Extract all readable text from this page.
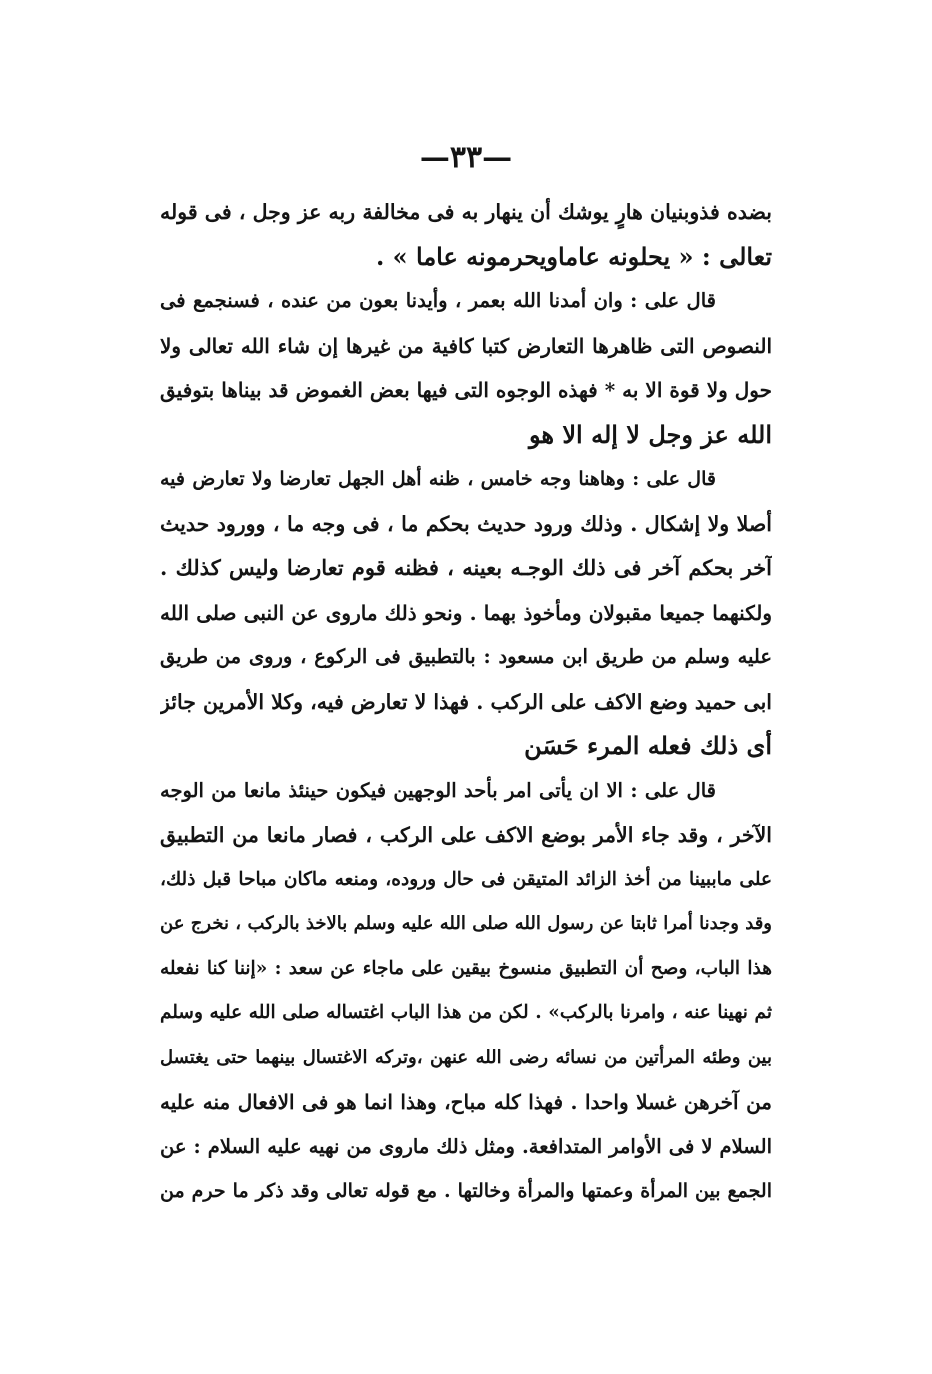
—٣٣—
بضده فذوبنيان هارٍ يوشك أن ينهار به فى مخالفة ربه عز وجل ، فى قوله
تعالى : « يحلونه عاماويحرمونه عاما » .
قال على : وان أمدنا الله بعمر ، وأيدنا بعون من عنده ، فسنجمع فى
النصوص التى ظاهرها التعارض كتبا كافية من غيرها إن شاء الله تعالى ولا
حول ولا قوة الا به * فهذه الوجوه التى فيها بعض الغموض قد بيناها بتوفيق
الله عز وجل لا إله الا هو
قال على : وهاهنا وجه خامس ، ظنه أهل الجهل تعارضا ولا تعارض فيه
أصلا ولا إشكال . وذلك ورود حديث بحكم ما ، فى وجه ما ، وورود حديث
آخر بحكم آخر فى ذلك الوجـه بعينه ، فظنه قوم تعارضا وليس كذلك .
ولكنهما جميعا مقبولان ومأخوذ بهما . ونحو ذلك ماروى عن النبى صلى الله
عليه وسلم من طريق ابن مسعود : بالتطبيق فى الركوع ، وروى من طريق
ابى حميد وضع الاكف على الركب . فهذا لا تعارض فيه، وكلا الأمرين جائز
أى ذلك فعله المرء حَسَن
قال على : الا ان يأتى امر بأحد الوجهين فيكون حينئذ مانعا من الوجه
الآخر ، وقد جاء الأمر بوضع الاكف على الركب ، فصار مانعا من التطبيق
على ماببينا من أخذ الزائد المتيقن فى حال وروده، ومنعه ماكان مباحا قبل ذلك،
وقد وجدنا أمرا ثابتا عن رسول الله صلى الله عليه وسلم بالاخذ بالركب ، نخرج عن
هذا الباب، وصح أن التطبيق منسوخ بيقين على ماجاء عن سعد : «إننا كنا نفعله
ثم نهينا عنه ، وامرنا بالركب» . لكن من هذا الباب اغتساله صلى الله عليه وسلم
بين وطئه المرأتين من نسائه رضى الله عنهن ،وتركه الاغتسال بينهما حتى يغتسل
من آخرهن غسلا واحدا . فهذا كله مباح، وهذا انما هو فى الافعال منه عليه
السلام لا فى الأوامر المتدافعة. ومثل ذلك ماروى من نهيه عليه السلام : عن
الجمع بين المرأة وعمتها والمرأة وخالتها . مع قوله تعالى وقد ذكر ما حرم من
